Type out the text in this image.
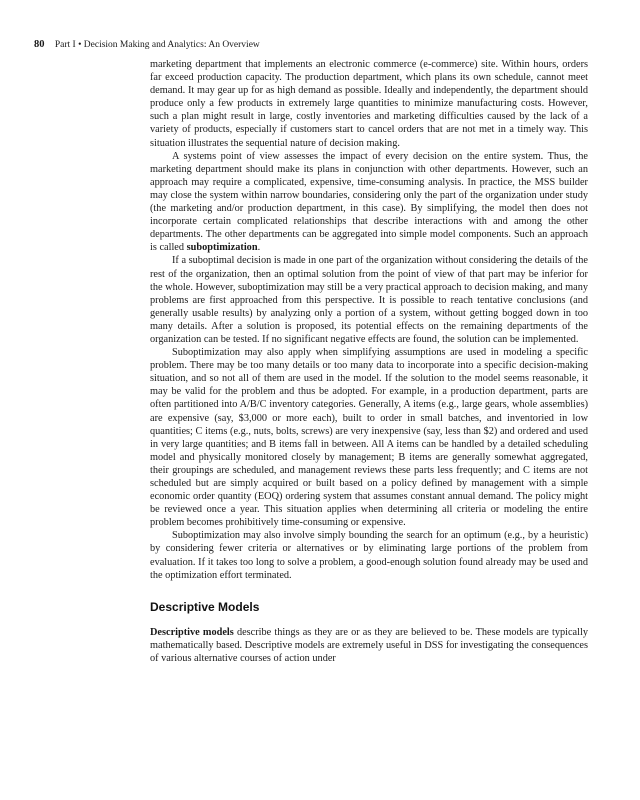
80 Part I • Decision Making and Analytics: An Overview

marketing department that implements an electronic commerce (e-commerce) site. Within hours, orders far exceed production capacity. The production department, which plans its own schedule, cannot meet demand. It may gear up for as high demand as possible. Ideally and independently, the department should produce only a few products in extremely large quantities to minimize manufacturing costs. However, such a plan might result in large, costly inventories and marketing difficulties caused by the lack of a variety of products, especially if customers start to cancel orders that are not met in a timely way. This situation illustrates the sequential nature of decision making.

A systems point of view assesses the impact of every decision on the entire system. Thus, the marketing department should make its plans in conjunction with other departments. However, such an approach may require a complicated, expensive, time-consuming analysis. In practice, the MSS builder may close the system within narrow boundaries, considering only the part of the organization under study (the marketing and/or production department, in this case). By simplifying, the model then does not incorporate certain complicated relationships that describe interactions with and among the other departments. The other departments can be aggregated into simple model components. Such an approach is called suboptimization.

If a suboptimal decision is made in one part of the organization without considering the details of the rest of the organization, then an optimal solution from the point of view of that part may be inferior for the whole. However, suboptimization may still be a very practical approach to decision making, and many problems are first approached from this perspective. It is possible to reach tentative conclusions (and generally usable results) by analyzing only a portion of a system, without getting bogged down in too many details. After a solution is proposed, its potential effects on the remaining departments of the organization can be tested. If no significant negative effects are found, the solution can be implemented.

Suboptimization may also apply when simplifying assumptions are used in modeling a specific problem. There may be too many details or too many data to incorporate into a specific decision-making situation, and so not all of them are used in the model. If the solution to the model seems reasonable, it may be valid for the problem and thus be adopted. For example, in a production department, parts are often partitioned into A/B/C inventory categories. Generally, A items (e.g., large gears, whole assemblies) are expensive (say, $3,000 or more each), built to order in small batches, and inventoried in low quantities; C items (e.g., nuts, bolts, screws) are very inexpensive (say, less than $2) and ordered and used in very large quantities; and B items fall in between. All A items can be handled by a detailed scheduling model and physically monitored closely by management; B items are generally somewhat aggregated, their groupings are scheduled, and management reviews these parts less frequently; and C items are not scheduled but are simply acquired or built based on a policy defined by management with a simple economic order quantity (EOQ) ordering system that assumes constant annual demand. The policy might be reviewed once a year. This situation applies when determining all criteria or modeling the entire problem becomes prohibitively time-consuming or expensive.

Suboptimization may also involve simply bounding the search for an optimum (e.g., by a heuristic) by considering fewer criteria or alternatives or by eliminating large portions of the problem from evaluation. If it takes too long to solve a problem, a good-enough solution found already may be used and the optimization effort terminated.

Descriptive Models

Descriptive models describe things as they are or as they are believed to be. These models are typically mathematically based. Descriptive models are extremely useful in DSS for investigating the consequences of various alternative courses of action under
